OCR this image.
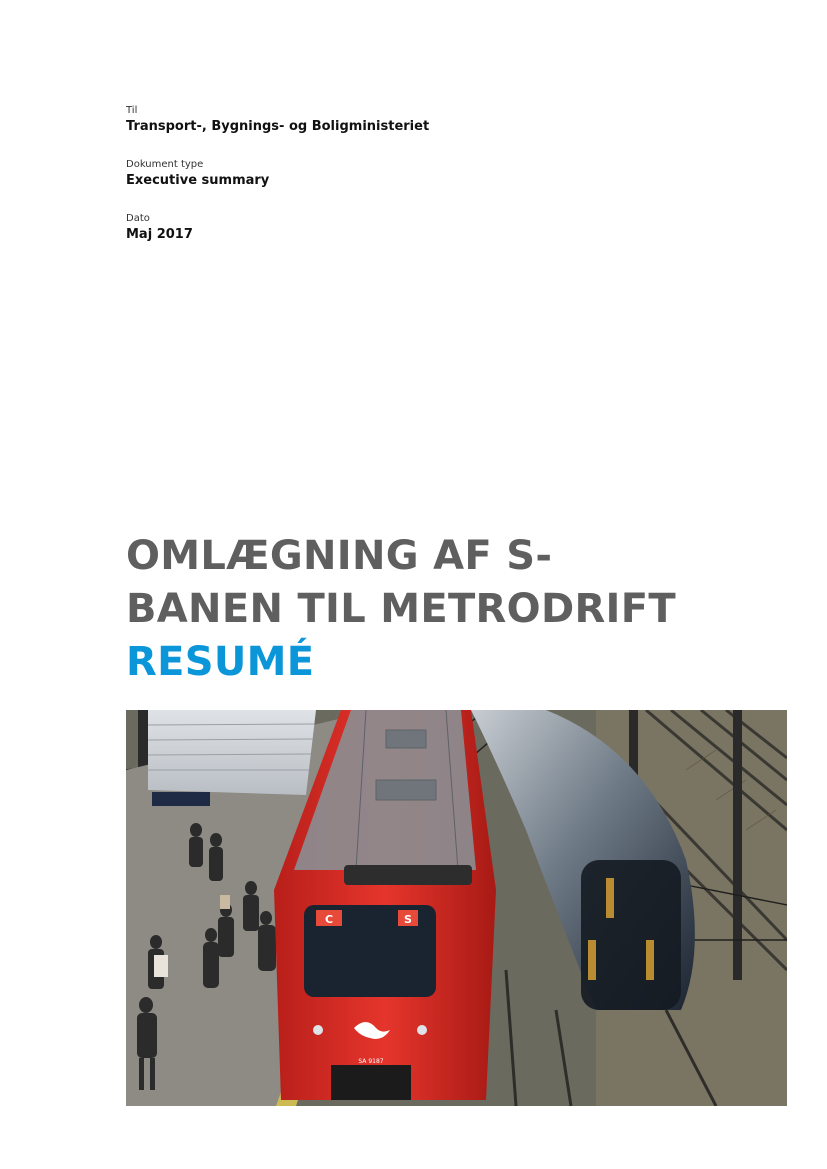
Til
Transport-, Bygnings- og Boligministeriet
Dokument type
Executive summary
Dato
Maj 2017
OMLÆGNING AF S-
BANEN TIL METRODRIFT
RESUMÉ
C	S
SA 9187
